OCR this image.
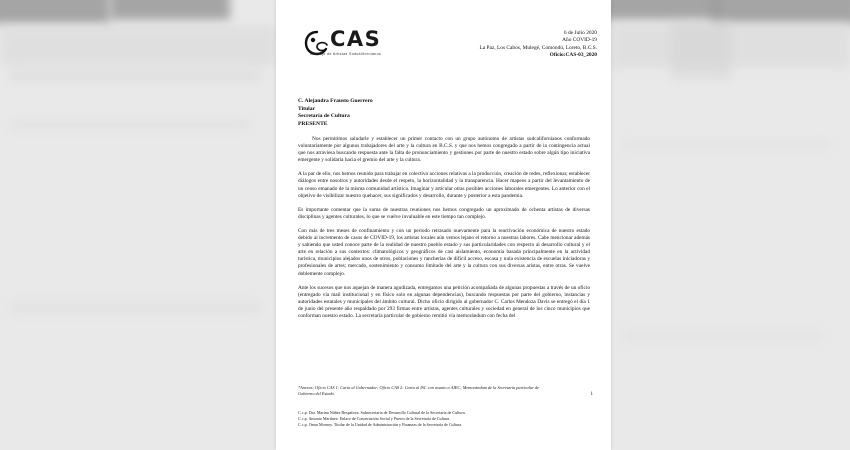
CAS
Consejo de Artistas Sudcalifornianos
6 de Julio 2020
Año COVID-19
La Paz, Los Cabos, Mulegé, Comondú, Loreto, B.C.S.
Oficio:CAS-03_2020
C. Alejandra Frausto Guerrero
Titular
Secretaría de Cultura
PRESENTE

Nos permitimos saludarle y establecer un primer contacto con un grupo autónomo de artistas sudcalifornianos conformado voluntariamente por algunos trabajadores del arte y la cultura en B.C.S. y que nos hemos congregado a partir de la contingencia actual que nos atraviesa buscando respuesta ante la falta de pronunciamiento y gestiones por parte de nuestro estado sobre algún tipo iniciativa emergente y solidaria hacia el gremio del arte y la cultura.

A la par de ello, nos hemos reunido para trabajar en colectivo acciones relativas a la producción, creación de redes, reflexionar, establecer diálogos entre nosotros y autoridades desde el respeto, la horizontalidad y la transparencia. Hacer mapeos a partir del levantamiento de un censo emanado de la misma comunidad artística. Imaginar y articular otras posibles acciones laborales emergentes. Lo anterior con el objetivo de visibilizar nuestro quehacer, sus significados y desarrollo, durante y posterior a esta pandemia.

Es importante comentar que la suma de nuestras reuniones nos hemos congregado un aproximado de ochenta artistas de diversas disciplinas y agentes culturales, lo que se vuelve invaluable en este tiempo tan complejo.

Con más de tres meses de confinamiento y con un periodo retrasado nuevamente para la reactivación económica de nuestro estado debido al incremento de casos de COVID-19, los artistas locales aún vemos lejano el retorno a nuestras labores. Cabe mencionar además y sabiendo que usted conoce parte de la realidad de nuestro pueblo estado y sus particularidades con respecto al desarrollo cultural y el arte en relación a sus contextos: climatológicos y geográficos de casi aislamiento, economía basada principalmente en la actividad turística, municipios alejados unos de otros, poblaciones y rancherías de difícil acceso, escasa y nula existencia de escuelas iniciadoras y profesionales de artes; mercado, sostenimiento y consumo limitado del arte y la cultura con sus diversas aristas, entre otras. Se vuelve doblemente complejo.

Ante los sucesos que nos aquejan de manera agudizada, entregamos una petición acompañada de algunas propuestas a través de un oficio (entregado vía mail institucional y en físico solo en algunas dependencias), buscando respuestas por parte del gobierno, instancias y autoridades estatales y municipales del ámbito cultural. Dicho oficio dirigido al gobernador C. Carlos Mendoza Davis se entregó el día 1 de junio del presente año respaldado por 293 firmas entre artistas, agentes culturales y sociedad en general de los cinco municipios que conforman nuestro estado. La secretaría particular de gobierno remitió vía memorándum con fecha del

*Anexos: Oficio CAS 1: Carta al Gobernador; Oficio CAS 2: Carta al ISC con asunto a AIEC; Memorándum de la Secretaría particular de Gobierno del Estado.	1
C.c.p. Dra. Marina Núñez Bespalova. Subsecretaria de Desarrollo Cultural de la Secretaría de Cultura.
C.c.p. Antonio Martínez. Enlace de Concertación Social y Puerto de la Secretaría de Cultura.
C.c.p. Omar Monroy. Titular de la Unidad de Administración y Finanzas de la Secretaría de Cultura.
